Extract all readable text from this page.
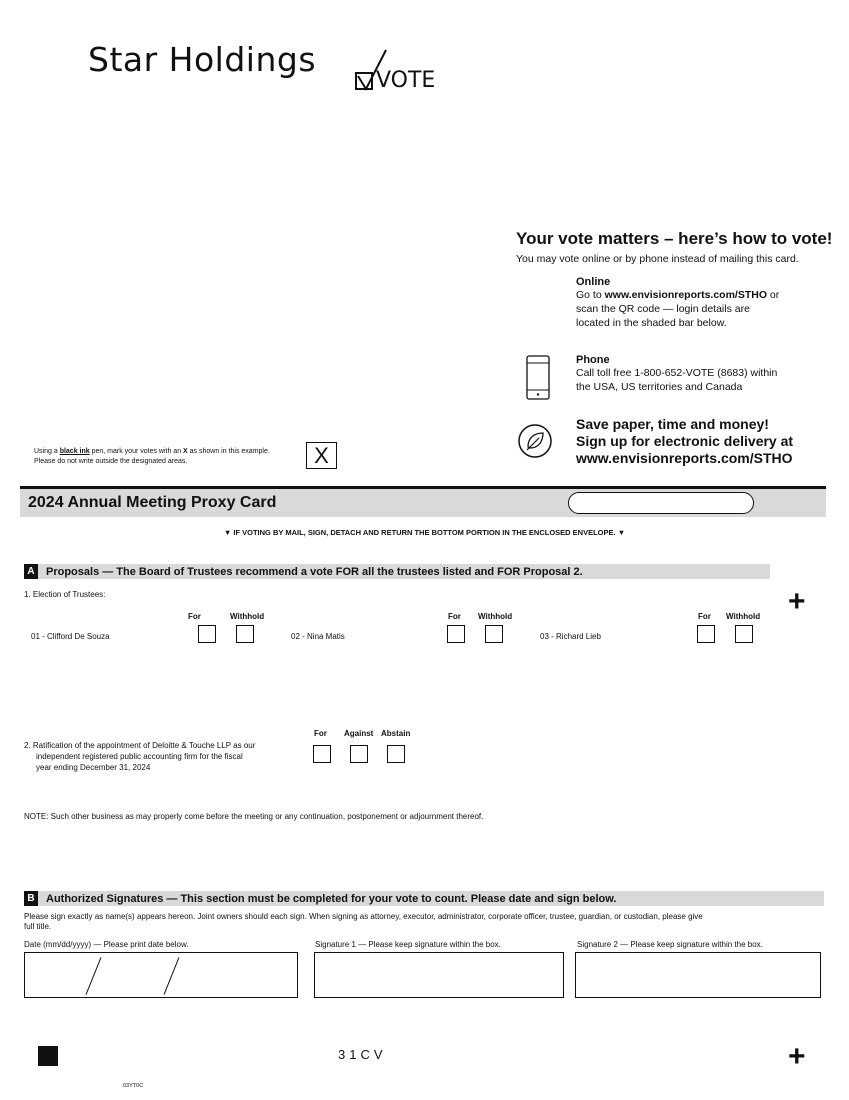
Star Holdings
VOTE
Your vote matters – here’s how to vote!
You may vote online or by phone instead of mailing this card.
Online
Go to www.envisionreports.com/STHO or
scan the QR code — login details are
located in the shaded bar below.
Phone
Call toll free 1-800-652-VOTE (8683) within
the USA, US territories and Canada
Save paper, time and money!
Sign up for electronic delivery at
www.envisionreports.com/STHO
Using a black ink pen, mark your votes with an X as shown in this example.
Please do not write outside the designated areas.	X
2024 Annual Meeting Proxy Card
▼ IF VOTING BY MAIL, SIGN, DETACH AND RETURN THE BOTTOM PORTION IN THE ENCLOSED ENVELOPE. ▼
A	Proposals — The Board of Trustees recommend a vote FOR all the trustees listed and FOR Proposal 2.
+
1. Election of Trustees:
For	Withhold
01 - Clifford De Souza
For Withhold
02 - Nina Matis
For Withhold
03 - Richard Lieb
2. Ratification of the appointment of Deloitte & Touche LLP as our
independent registered public accounting firm for the fiscal
year ending December 31, 2024
For Against Abstain
NOTE: Such other business as may properly come before the meeting or any continuation, postponement or adjournment thereof.
B	Authorized Signatures — This section must be completed for your vote to count. Please date and sign below.
Please sign exactly as name(s) appears hereon. Joint owners should each sign. When signing as attorney, executor, administrator, corporate officer, trustee, guardian, or custodian, please give
full title.
Date (mm/dd/yyyy) — Please print date below.	Signature 1 — Please keep signature within the box.	Signature 2 — Please keep signature within the box.
31CV	+
03YT0C
